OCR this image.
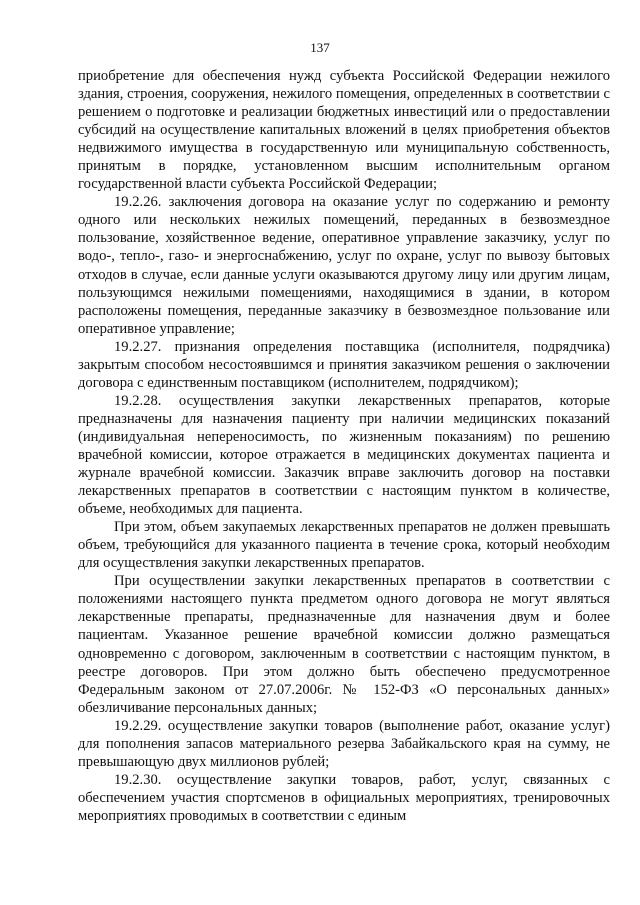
137

приобретение для обеспечения нужд субъекта Российской Федерации нежилого здания, строения, сооружения, нежилого помещения, определенных в соответствии с решением о подготовке и реализации бюджетных инвестиций или о предоставлении субсидий на осуществление капитальных вложений в целях приобретения объектов недвижимого имущества в государственную или муниципальную собственность, принятым в порядке, установленном высшим исполнительным органом государственной власти субъекта Российской Федерации;

19.2.26. заключения договора на оказание услуг по содержанию и ремонту одного или нескольких нежилых помещений, переданных в безвозмездное пользование, хозяйственное ведение, оперативное управление заказчику, услуг по водо-, тепло-, газо- и энергоснабжению, услуг по охране, услуг по вывозу бытовых отходов в случае, если данные услуги оказываются другому лицу или другим лицам, пользующимся нежилыми помещениями, находящимися в здании, в котором расположены помещения, переданные заказчику в безвозмездное пользование или оперативное управление;

19.2.27. признания определения поставщика (исполнителя, подрядчика) закрытым способом несостоявшимся и принятия заказчиком решения о заключении договора с единственным поставщиком (исполнителем, подрядчиком);

19.2.28. осуществления закупки лекарственных препаратов, которые предназначены для назначения пациенту при наличии медицинских показаний (индивидуальная непереносимость, по жизненным показаниям) по решению врачебной комиссии, которое отражается в медицинских документах пациента и журнале врачебной комиссии. Заказчик вправе заключить договор на поставки лекарственных препаратов в соответствии с настоящим пунктом в количестве, объеме, необходимых для пациента.

При этом, объем закупаемых лекарственных препаратов не должен превышать объем, требующийся для указанного пациента в течение срока, который необходим для осуществления закупки лекарственных препаратов.

При осуществлении закупки лекарственных препаратов в соответствии с положениями настоящего пункта предметом одного договора не могут являться лекарственные препараты, предназначенные для назначения двум и более пациентам. Указанное решение врачебной комиссии должно размещаться одновременно с договором, заключенным в соответствии с настоящим пунктом, в реестре договоров. При этом должно быть обеспечено предусмотренное Федеральным законом от 27.07.2006г. № 152-ФЗ «О персональных данных» обезличивание персональных данных;

19.2.29. осуществление закупки товаров (выполнение работ, оказание услуг) для пополнения запасов материального резерва Забайкальского края на сумму, не превышающую двух миллионов рублей;

19.2.30. осуществление закупки товаров, работ, услуг, связанных с обеспечением участия спортсменов в официальных мероприятиях, тренировочных мероприятиях проводимых в соответствии с единым
